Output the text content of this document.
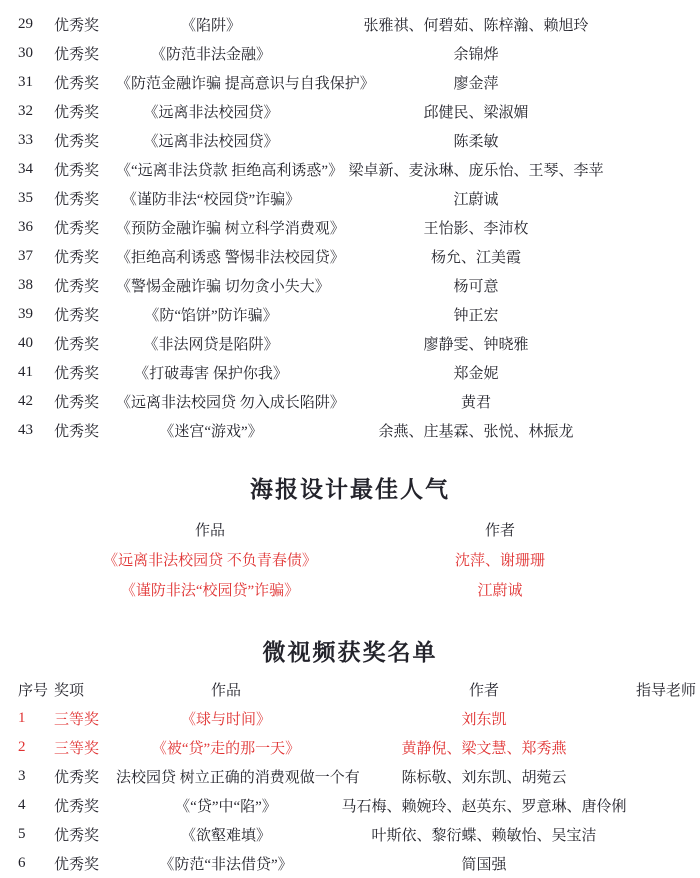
29	优秀奖	《陷阱》	张雅祺、何碧茹、陈梓瀚、赖旭玲
30	优秀奖	《防范非法金融》	余锦烨
31	优秀奖	《防范金融诈骗 提高意识与自我保护》	廖金萍
32	优秀奖	《远离非法校园贷》	邱健民、梁淑媚
33	优秀奖	《远离非法校园贷》	陈柔敏
34	优秀奖	《“远离非法贷款 拒绝高利诱惑”》 梁卓新、麦泳琳、庞乐怡、王琴、李苹
35	优秀奖	《谨防非法“校园贷”诈骗》	江蔚诚
36	优秀奖	《预防金融诈骗 树立科学消费观》	王怡影、李沛枚
37	优秀奖	《拒绝高利诱惑 警惕非法校园贷》	杨允、江美霞
38	优秀奖	《警惕金融诈骗 切勿贪小失大》	杨可意
39	优秀奖	《防“馅饼”防诈骗》	钟正宏
40	优秀奖	《非法网贷是陷阱》	廖静雯、钟晓雅
41	优秀奖	《打破毒害 保护你我》	郑金妮
42	优秀奖	《远离非法校园贷 勿入成长陷阱》	黄君
43	优秀奖	《迷宫“游戏”》	余燕、庄基霖、张悦、林振龙
海报设计最佳人气
作品	作者
《远离非法校园贷 不负青春债》	沈萍、谢珊珊
《谨防非法“校园贷”诈骗》	江蔚诚
微视频获奖名单
序号 奖项	作品	作者	指导老师
1	三等奖	《球与时间》	刘东凯
2	三等奖	《被“贷”走的那一天》	黄静倪、梁文慧、郑秀燕
3	优秀奖	法校园贷 树立正确的消费观做一个有	陈标敬、刘东凯、胡菀云
4	优秀奖	《“贷”中“陷”》	马石梅、赖婉玲、赵英东、罗意琳、唐伶俐
5	优秀奖	《欲壑难填》	叶斯依、黎衍蝶、赖敏怡、吴宝洁
6	优秀奖	《防范“非法借贷”》	简国强
